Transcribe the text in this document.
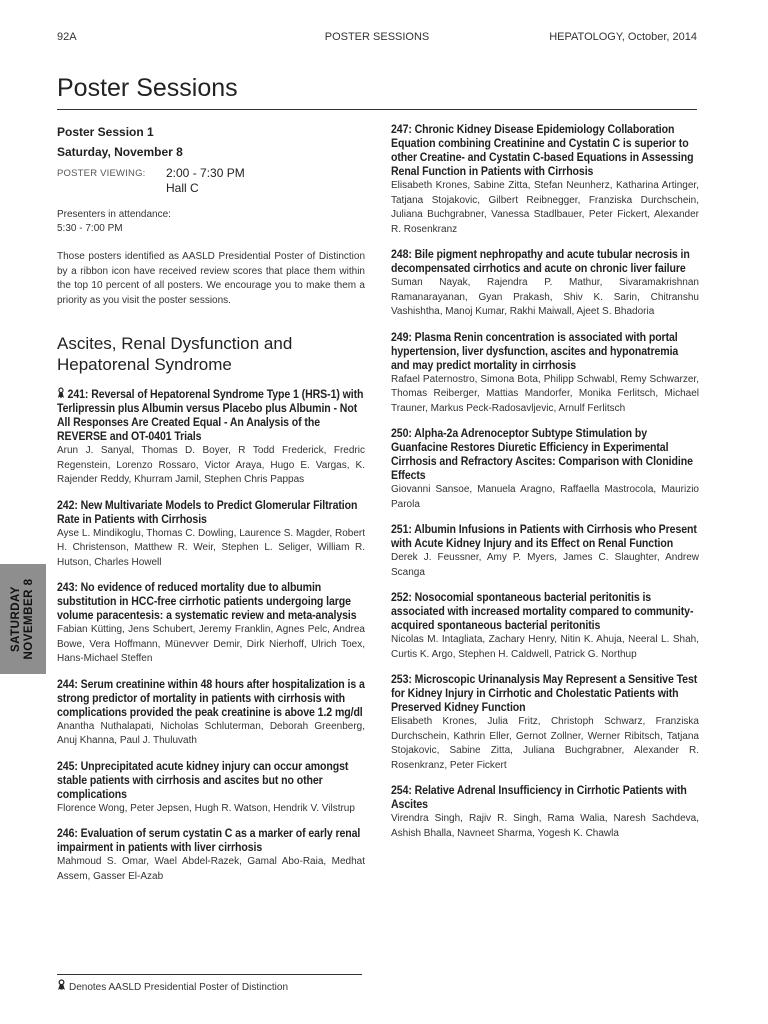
92A	POSTER SESSIONS	HEPATOLOGY, October, 2014
Poster Sessions
Poster Session 1
Saturday, November 8
POSTER VIEWING: 2:00 - 7:30 PM
Hall C
Presenters in attendance:
5:30 - 7:00 PM
Those posters identified as AASLD Presidential Poster of Distinction by a ribbon icon have received review scores that place them within the top 10 percent of all posters. We encourage you to make them a priority as you visit the poster sessions.
Ascites, Renal Dysfunction and Hepatorenal Syndrome
241: Reversal of Hepatorenal Syndrome Type 1 (HRS-1) with Terlipressin plus Albumin versus Placebo plus Albumin - Not All Responses Are Created Equal - An Analysis of the REVERSE and OT-0401 Trials
Arun J. Sanyal, Thomas D. Boyer, R Todd Frederick, Fredric Regenstein, Lorenzo Rossaro, Victor Araya, Hugo E. Vargas, K. Rajender Reddy, Khurram Jamil, Stephen Chris Pappas
242: New Multivariate Models to Predict Glomerular Filtration Rate in Patients with Cirrhosis
Ayse L. Mindikoglu, Thomas C. Dowling, Laurence S. Magder, Robert H. Christenson, Matthew R. Weir, Stephen L. Seliger, William R. Hutson, Charles Howell
243: No evidence of reduced mortality due to albumin substitution in HCC-free cirrhotic patients undergoing large volume paracentesis: a systematic review and meta-analysis
Fabian Kütting, Jens Schubert, Jeremy Franklin, Agnes Pelc, Andrea Bowe, Vera Hoffmann, Münevver Demir, Dirk Nierhoff, Ulrich Toex, Hans-Michael Steffen
244: Serum creatinine within 48 hours after hospitalization is a strong predictor of mortality in patients with cirrhosis with complications provided the peak creatinine is above 1.2 mg/dl
Anantha Nuthalapati, Nicholas Schluterman, Deborah Greenberg, Anuj Khanna, Paul J. Thuluvath
245: Unprecipitated acute kidney injury can occur amongst stable patients with cirrhosis and ascites but no other complications
Florence Wong, Peter Jepsen, Hugh R. Watson, Hendrik V. Vilstrup
246: Evaluation of serum cystatin C as a marker of early renal impairment in patients with liver cirrhosis
Mahmoud S. Omar, Wael Abdel-Razek, Gamal Abo-Raia, Medhat Assem, Gasser El-Azab
247: Chronic Kidney Disease Epidemiology Collaboration Equation combining Creatinine and Cystatin C is superior to other Creatine- and Cystatin C-based Equations in Assessing Renal Function in Patients with Cirrhosis
Elisabeth Krones, Sabine Zitta, Stefan Neunherz, Katharina Artinger, Tatjana Stojakovic, Gilbert Reibnegger, Franziska Durchschein, Juliana Buchgrabner, Vanessa Stadlbauer, Peter Fickert, Alexander R. Rosenkranz
248: Bile pigment nephropathy and acute tubular necrosis in decompensated cirrhotics and acute on chronic liver failure
Suman Nayak, Rajendra P. Mathur, Sivaramakrishnan Ramanarayanan, Gyan Prakash, Shiv K. Sarin, Chitranshu Vashishtha, Manoj Kumar, Rakhi Maiwall, Ajeet S. Bhadoria
249: Plasma Renin concentration is associated with portal hypertension, liver dysfunction, ascites and hyponatremia and may predict mortality in cirrhosis
Rafael Paternostro, Simona Bota, Philipp Schwabl, Remy Schwarzer, Thomas Reiberger, Mattias Mandorfer, Monika Ferlitsch, Michael Trauner, Markus Peck-Radosavljevic, Arnulf Ferlitsch
250: Alpha-2a Adrenoceptor Subtype Stimulation by Guanfacine Restores Diuretic Efficiency in Experimental Cirrhosis and Refractory Ascites: Comparison with Clonidine Effects
Giovanni Sansoe, Manuela Aragno, Raffaella Mastrocola, Maurizio Parola
251: Albumin Infusions in Patients with Cirrhosis who Present with Acute Kidney Injury and its Effect on Renal Function
Derek J. Feussner, Amy P. Myers, James C. Slaughter, Andrew Scanga
252: Nosocomial spontaneous bacterial peritonitis is associated with increased mortality compared to community-acquired spontaneous bacterial peritonitis
Nicolas M. Intagliata, Zachary Henry, Nitin K. Ahuja, Neeral L. Shah, Curtis K. Argo, Stephen H. Caldwell, Patrick G. Northup
253: Microscopic Urinanalysis May Represent a Sensitive Test for Kidney Injury in Cirrhotic and Cholestatic Patients with Preserved Kidney Function
Elisabeth Krones, Julia Fritz, Christoph Schwarz, Franziska Durchschein, Kathrin Eller, Gernot Zollner, Werner Ribitsch, Tatjana Stojakovic, Sabine Zitta, Juliana Buchgrabner, Alexander R. Rosenkranz, Peter Fickert
254: Relative Adrenal Insufficiency in Cirrhotic Patients with Ascites
Virendra Singh, Rajiv R. Singh, Rama Walia, Naresh Sachdeva, Ashish Bhalla, Navneet Sharma, Yogesh K. Chawla
SATURDAY NOVEMBER 8
Denotes AASLD Presidential Poster of Distinction
